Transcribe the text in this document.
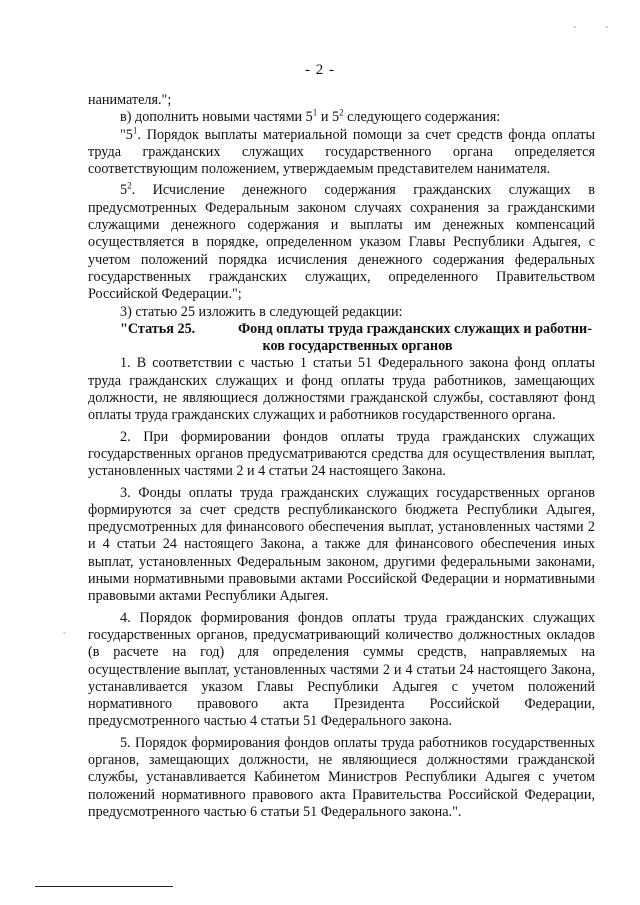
`	`
-
- 2 -

нанимателя.";

в) дополнить новыми частями $5^1$ и $5^2$ следующего содержания:

"$5^1$. Порядок выплаты материальной помощи за счет средств фонда оплаты труда гражданских служащих государственного органа определяется соответствующим положением, утверждаемым представителем нанимателя.

$5^2$. Исчисление денежного содержания гражданских служащих в предусмотренных Федеральным законом случаях сохранения за гражданскими служащими денежного содержания и выплаты им денежных компенсаций осуществляется в порядке, определенном указом Главы Республики Адыгея, с учетом положений порядка исчисления денежного содержания федеральных государственных гражданских служащих, определенного Правительством Российской Федерации.";

3) статью 25 изложить в следующей редакции:

"Статья 25.	Фонд оплаты труда гражданских служащих и работни-
ков государственных органов

1. В соответствии с частью 1 статьи 51 Федерального закона фонд оплаты труда гражданских служащих и фонд оплаты труда работников, замещающих должности, не являющиеся должностями гражданской службы, составляют фонд оплаты труда гражданских служащих и работников государственного органа.

2. При формировании фондов оплаты труда гражданских служащих государственных органов предусматриваются средства для осуществления выплат, установленных частями 2 и 4 статьи 24 настоящего Закона.

3. Фонды оплаты труда гражданских служащих государственных органов формируются за счет средств республиканского бюджета Республики Адыгея, предусмотренных для финансового обеспечения выплат, установленных частями 2 и 4 статьи 24 настоящего Закона, а также для финансового обеспечения иных выплат, установленных Федеральным законом, другими федеральными законами, иными нормативными правовыми актами Российской Федерации и нормативными правовыми актами Республики Адыгея.

4. Порядок формирования фондов оплаты труда гражданских служащих государственных органов, предусматривающий количество должностных окладов (в расчете на год) для определения суммы средств, направляемых на осуществление выплат, установленных частями 2 и 4 статьи 24 настоящего Закона, устанавливается указом Главы Республики Адыгея с учетом положений нормативного правового акта Президента Российской Федерации, предусмотренного частью 4 статьи 51 Федерального закона.

5. Порядок формирования фондов оплаты труда работников государственных органов, замещающих должности, не являющиеся должностями гражданской службы, устанавливается Кабинетом Министров Республики Адыгея с учетом положений нормативного правового акта Правительства Российской Федерации, предусмотренного частью 6 статьи 51 Федерального закона.".
